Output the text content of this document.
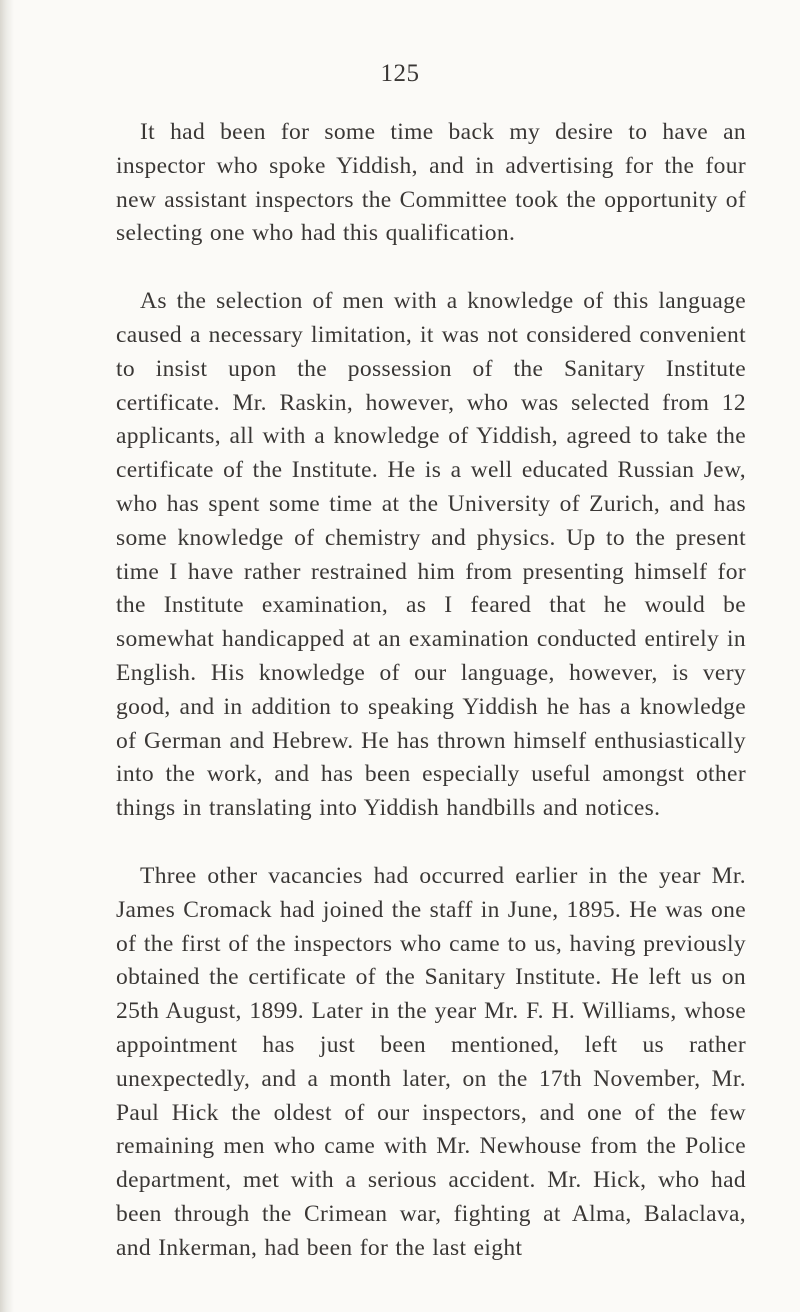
125

It had been for some time back my desire to have an inspector who spoke Yiddish, and in advertising for the four new assistant inspectors the Committee took the opportunity of selecting one who had this qualification.

As the selection of men with a knowledge of this language caused a necessary limitation, it was not considered convenient to insist upon the possession of the Sanitary Institute certificate. Mr. Raskin, however, who was selected from 12 applicants, all with a knowledge of Yiddish, agreed to take the certificate of the Institute. He is a well educated Russian Jew, who has spent some time at the University of Zurich, and has some knowledge of chemistry and physics. Up to the present time I have rather restrained him from presenting himself for the Institute examination, as I feared that he would be somewhat handicapped at an examination conducted entirely in English. His knowledge of our language, however, is very good, and in addition to speaking Yiddish he has a knowledge of German and Hebrew. He has thrown himself enthusiastically into the work, and has been especially useful amongst other things in translating into Yiddish handbills and notices.

Three other vacancies had occurred earlier in the year Mr. James Cromack had joined the staff in June, 1895. He was one of the first of the inspectors who came to us, having previously obtained the certificate of the Sanitary Institute. He left us on 25th August, 1899. Later in the year Mr. F. H. Williams, whose appointment has just been mentioned, left us rather unexpectedly, and a month later, on the 17th November, Mr. Paul Hick the oldest of our inspectors, and one of the few remaining men who came with Mr. Newhouse from the Police department, met with a serious accident. Mr. Hick, who had been through the Crimean war, fighting at Alma, Balaclava, and Inkerman, had been for the last eight
